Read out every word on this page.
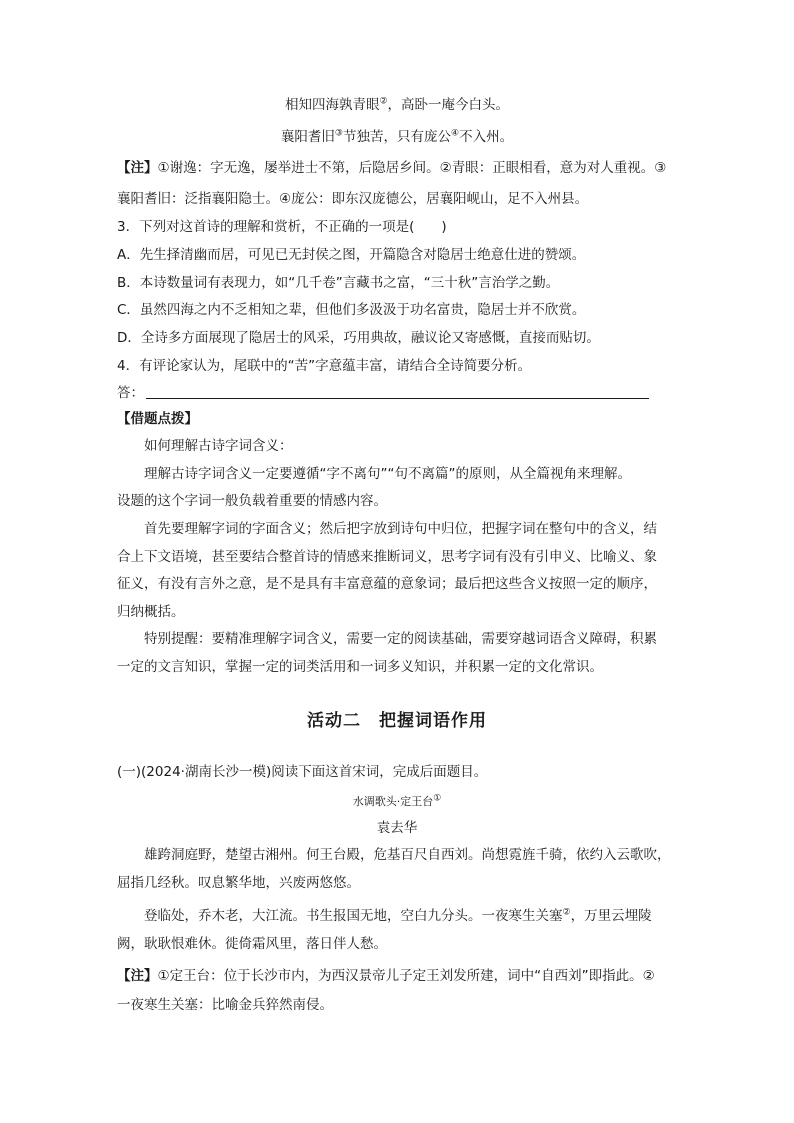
相知四海孰青眼②，高卧一庵今白头。
襄阳耆旧③节独苦，只有庞公④不入州。
【注】①谢逸：字无逸，屡举进士不第，后隐居乡间。②青眼：正眼相看，意为对人重视。③
襄阳耆旧：泛指襄阳隐士。④庞公：即东汉庞德公，居襄阳岘山，足不入州县。
3．下列对这首诗的理解和赏析，不正确的一项是(　　)
A．先生择清幽而居，可见已无封侯之图，开篇隐含对隐居士绝意仕进的赞颂。
B．本诗数量词有表现力，如“几千卷”言藏书之富，“三十秋”言治学之勤。
C．虽然四海之内不乏相知之辈，但他们多汲汲于功名富贵，隐居士并不欣赏。
D．全诗多方面展现了隐居士的风采，巧用典故，融议论又寄感慨，直接而贴切。
4．有评论家认为，尾联中的“苦”字意蕴丰富，请结合全诗简要分析。
答：
【借题点拨】
如何理解古诗字词含义：
理解古诗字词含义一定要遵循“字不离句”“句不离篇”的原则，从全篇视角来理解。
设题的这个字词一般负载着重要的情感内容。
首先要理解字词的字面含义；然后把字放到诗句中归位，把握字词在整句中的含义，结
合上下文语境，甚至要结合整首诗的情感来推断词义，思考字词有没有引申义、比喻义、象
征义，有没有言外之意，是不是具有丰富意蕴的意象词；最后把这些含义按照一定的顺序，
归纳概括。
特别提醒：要精准理解字词含义，需要一定的阅读基础，需要穿越词语含义障碍，积累
一定的文言知识，掌握一定的词类活用和一词多义知识，并积累一定的文化常识。
活动二　把握词语作用
(一)(2024·湖南长沙一模)阅读下面这首宋词，完成后面题目。
水调歌头·定王台①
袁去华
雄跨洞庭野，楚望古湘州。何王台殿，危基百尺自西刘。尚想霓旌千骑，依约入云歌吹，
屈指几经秋。叹息繁华地，兴废两悠悠。
登临处，乔木老，大江流。书生报国无地，空白九分头。一夜寒生关塞②，万里云埋陵
阙，耿耿恨难休。徙倚霜风里，落日伴人愁。
【注】①定王台：位于长沙市内，为西汉景帝儿子定王刘发所建，词中“自西刘”即指此。②
一夜寒生关塞：比喻金兵猝然南侵。
